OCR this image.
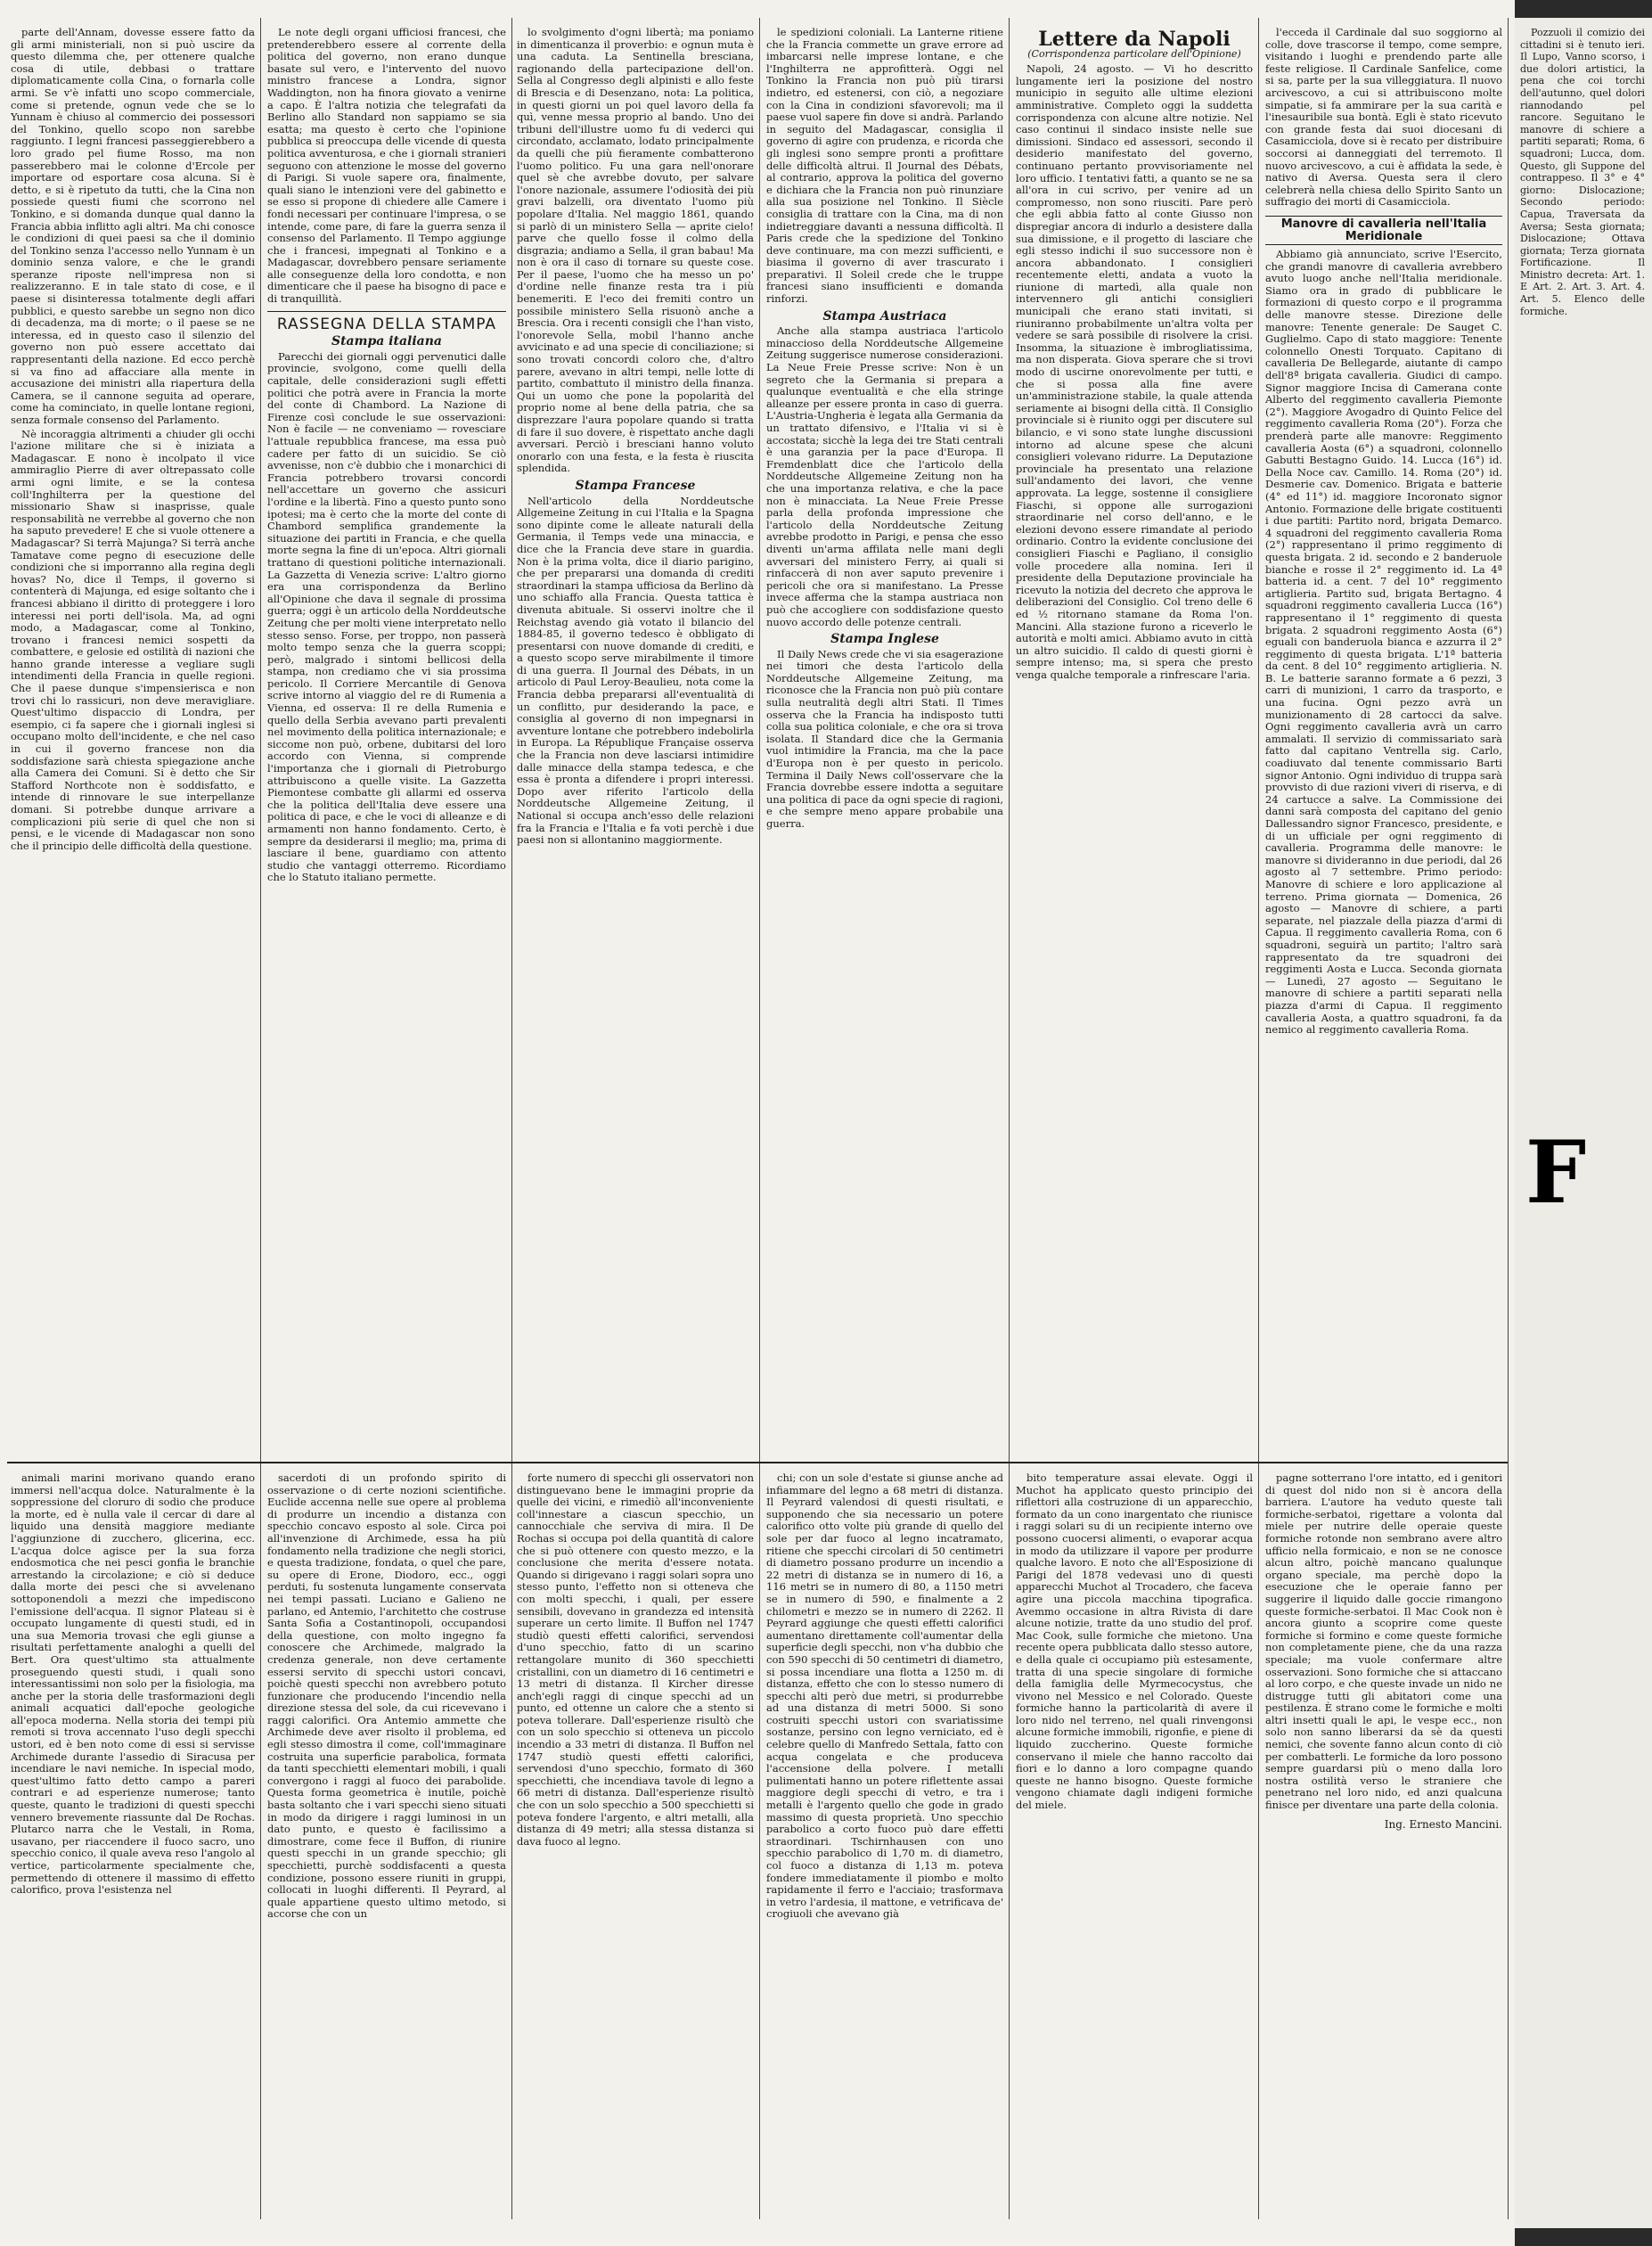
parte dell'Annam, dovesse essere fatto da gli armi ministeriali, non si può uscire da questo dilemma che, per ottenere qualche cosa di utile, debbasi o trattare diplomaticamente colla Cina, o fornarla colle armi. Se v'è infatti uno scopo commerciale, come si pretende, ognun vede che se lo Yunnam è chiuso al commercio dei possessori del Tonkino, quello scopo non sarebbe raggiunto. I legni francesi passeggierebbero a loro grado pel fiume Rosso, ma non passerebbero mai le colonne d'Ercole per importare od esportare cosa alcuna. Si è detto, e si è ripetuto da tutti, che la Cina non possiede questi fiumi che scorrono nel Tonkino, e si domanda dunque qual danno la Francia abbia inflitto agli altri. Ma chi conosce le condizioni di quei paesi sa che il dominio del Tonkino senza l'accesso nello Yunnam è un dominio senza valore, e che le grandi speranze riposte nell'impresa non si realizzeranno. E in tale stato di cose, e il paese si disinteressa totalmente degli affari pubblici, e questo sarebbe un segno non dico di decadenza, ma di morte; o il paese se ne interessa, ed in questo caso il silenzio del governo non può essere accettato dai rappresentanti della nazione. Ed ecco perchè si va fino ad affacciare alla mente in accusazione dei ministri alla riapertura della Camera, se il cannone seguita ad operare, come ha cominciato, in quelle lontane regioni, senza formale consenso del Parlamento.

Nè incoraggia altrimenti a chiuder gli occhi l'azione militare che si è iniziata a Madagascar. E nono è incolpato il vice ammiraglio Pierre di aver oltrepassato colle armi ogni limite, e se la contesa coll'Inghilterra per la questione del missionario Shaw si inasprisse, quale responsabilità ne verrebbe al governo che non ha saputo prevedere! E che si vuole ottenere a Madagascar? Si terrà Majunga? Si terrà anche Tamatave come pegno di esecuzione delle condizioni che si imporranno alla regina degli hovas? No, dice il Temps, il governo si contenterà di Majunga, ed esige soltanto che i francesi abbiano il diritto di proteggere i loro interessi nei porti dell'isola. Ma, ad ogni modo, a Madagascar, come al Tonkino, trovano i francesi nemici sospetti da combattere, e gelosie ed ostilità di nazioni che hanno grande interesse a vegliare sugli intendimenti della Francia in quelle regioni. Che il paese dunque s'impensierisca e non trovi chi lo rassicuri, non deve meravigliare. Quest'ultimo dispaccio di Londra, per esempio, ci fa sapere che i giornali inglesi si occupano molto dell'incidente, e che nel caso in cui il governo francese non dia soddisfazione sarà chiesta spiegazione anche alla Camera dei Comuni. Si è detto che Sir Stafford Northcote non è soddisfatto, e intende di rinnovare le sue interpellanze domani. Si potrebbe dunque arrivare a complicazioni più serie di quel che non si pensi, e le vicende di Madagascar non sono che il principio delle difficoltà della questione.

Le note degli organi ufficiosi francesi, che pretenderebbero essere al corrente della politica del governo, non erano dunque basate sul vero, e l'intervento del nuovo ministro francese a Londra, signor Waddington, non ha finora giovato a venirne a capo. È l'altra notizia che telegrafati da Berlino allo Standard non sappiamo se sia esatta; ma questo è certo che l'opinione pubblica si preoccupa delle vicende di questa politica avventurosa, e che i giornali stranieri seguono con attenzione le mosse del governo di Parigi. Si vuole sapere ora, finalmente, quali siano le intenzioni vere del gabinetto e se esso si propone di chiedere alle Camere i fondi necessari per continuare l'impresa, o se intende, come pare, di fare la guerra senza il consenso del Parlamento. Il Tempo aggiunge che i francesi, impegnati al Tonkino e a Madagascar, dovrebbero pensare seriamente alle conseguenze della loro condotta, e non dimenticare che il paese ha bisogno di pace e di tranquillità.

RASSEGNA DELLA STAMPA
Stampa italiana

Parecchi dei giornali oggi pervenutici dalle provincie, svolgono, come quelli della capitale, delle considerazioni sugli effetti politici che potrà avere in Francia la morte del conte di Chambord. La Nazione di Firenze così conclude le sue osservazioni: Non è facile — ne conveniamo — rovesciare l'attuale repubblica francese, ma essa può cadere per fatto di un suicidio. Se ciò avvenisse, non c'è dubbio che i monarchici di Francia potrebbero trovarsi concordi nell'accettare un governo che assicuri l'ordine e la libertà. Fino a questo punto sono ipotesi; ma è certo che la morte del conte di Chambord semplifica grandemente la situazione dei partiti in Francia, e che quella morte segna la fine di un'epoca. Altri giornali trattano di questioni politiche internazionali. La Gazzetta di Venezia scrive: L'altro giorno era una corrispondenza da Berlino all'Opinione che dava il segnale di prossima guerra; oggi è un articolo della Norddeutsche Zeitung che per molti viene interpretato nello stesso senso. Forse, per troppo, non passerà molto tempo senza che la guerra scoppi; però, malgrado i sintomi bellicosi della stampa, non crediamo che vi sia prossima pericolo. Il Corriere Mercantile di Genova scrive intorno al viaggio del re di Rumenia a Vienna, ed osserva: Il re della Rumenia e quello della Serbia avevano parti prevalenti nel movimento della politica internazionale; e siccome non può, orbene, dubitarsi del loro accordo con Vienna, si comprende l'importanza che i giornali di Pietroburgo attribuiscono a quelle visite. La Gazzetta Piemontese combatte gli allarmi ed osserva che la politica dell'Italia deve essere una politica di pace, e che le voci di alleanze e di armamenti non hanno fondamento. Certo, è sempre da desiderarsi il meglio; ma, prima di lasciare il bene, guardiamo con attento studio che vantaggi otterremo. Ricordiamo che lo Statuto italiano permette.

lo svolgimento d'ogni libertà; ma poniamo in dimenticanza il proverbio: e ognun muta è una caduta. La Sentinella bresciana, ragionando della partecipazione dell'on. Sella al Congresso degli alpinisti e allo feste di Brescia e di Desenzano, nota: La politica, in questi giorni un poi quel lavoro della fa quì, venne messa proprio al bando. Uno dei tribuni dell'illustre uomo fu di vederci qui circondato, acclamato, lodato principalmente da quelli che più fieramente combatterono l'uomo politico. Fu una gara nell'onorare quel sè che avrebbe dovuto, per salvare l'onore nazionale, assumere l'odiosità dei più gravi balzelli, ora diventato l'uomo più popolare d'Italia. Nel maggio 1861, quando si parlò di un ministero Sella — aprite cielo! parve che quello fosse il colmo della disgrazia; andiamo a Sella, il gran babau! Ma non è ora il caso di tornare su queste cose. Per il paese, l'uomo che ha messo un po' d'ordine nelle finanze resta tra i più benemeriti. E l'eco dei fremiti contro un possibile ministero Sella risuonò anche a Brescia. Ora i recenti consigli che l'han visto, l'onorevole Sella, mobil l'hanno anche avvicinato e ad una specie di conciliazione; si sono trovati concordi coloro che, d'altro parere, avevano in altri tempi, nelle lotte di partito, combattuto il ministro della finanza. Qui un uomo che pone la popolarità del proprio nome al bene della patria, che sa disprezzare l'aura popolare quando si tratta di fare il suo dovere, è rispettato anche dagli avversari. Perciò i bresciani hanno voluto onorarlo con una festa, e la festa è riuscita splendida.

Stampa Francese

Nell'articolo della Norddeutsche Allgemeine Zeitung in cui l'Italia e la Spagna sono dipinte come le alleate naturali della Germania, il Temps vede una minaccia, e dice che la Francia deve stare in guardia. Non è la prima volta, dice il diario parigino, che per prepararsi una domanda di crediti straordinari la stampa ufficiosa da Berlino dà uno schiaffo alla Francia. Questa tattica è divenuta abituale. Si osservi inoltre che il Reichstag avendo già votato il bilancio del 1884-85, il governo tedesco è obbligato di presentarsi con nuove domande di crediti, e a questo scopo serve mirabilmente il timore di una guerra. Il Journal des Débats, in un articolo di Paul Leroy-Beaulieu, nota come la Francia debba prepararsi all'eventualità di un conflitto, pur desiderando la pace, e consiglia al governo di non impegnarsi in avventure lontane che potrebbero indebolirla in Europa. La République Française osserva che la Francia non deve lasciarsi intimidire dalle minacce della stampa tedesca, e che essa è pronta a difendere i propri interessi. Dopo aver riferito l'articolo della Norddeutsche Allgemeine Zeitung, il National si occupa anch'esso delle relazioni fra la Francia e l'Italia e fa voti perchè i due paesi non si allontanino maggiormente.

le spedizioni coloniali. La Lanterne ritiene che la Francia commette un grave errore ad imbarcarsi nelle imprese lontane, e che l'Inghilterra ne approfitterà. Oggi nel Tonkino la Francia non può più tirarsi indietro, ed estenersi, con ciò, a negoziare con la Cina in condizioni sfavorevoli; ma il paese vuol sapere fin dove si andrà. Parlando in seguito del Madagascar, consiglia il governo di agire con prudenza, e ricorda che gli inglesi sono sempre pronti a profittare delle difficoltà altrui. Il Journal des Débats, al contrario, approva la politica del governo e dichiara che la Francia non può rinunziare alla sua posizione nel Tonkino. Il Siècle consiglia di trattare con la Cina, ma di non indietreggiare davanti a nessuna difficoltà. Il Paris crede che la spedizione del Tonkino deve continuare, ma con mezzi sufficienti, e biasima il governo di aver trascurato i preparativi. Il Soleil crede che le truppe francesi siano insufficienti e domanda rinforzi.

Stampa Austriaca

Anche alla stampa austriaca l'articolo minaccioso della Norddeutsche Allgemeine Zeitung suggerisce numerose considerazioni. La Neue Freie Presse scrive: Non è un segreto che la Germania si prepara a qualunque eventualità e che ella stringe alleanze per essere pronta in caso di guerra. L'Austria-Ungheria è legata alla Germania da un trattato difensivo, e l'Italia vi si è accostata; sicchè la lega dei tre Stati centrali è una garanzia per la pace d'Europa. Il Fremdenblatt dice che l'articolo della Norddeutsche Allgemeine Zeitung non ha che una importanza relativa, e che la pace non è minacciata. La Neue Freie Presse parla della profonda impressione che l'articolo della Norddeutsche Zeitung avrebbe prodotto in Parigi, e pensa che esso diventi un'arma affilata nelle mani degli avversari del ministero Ferry, ai quali si rinfaccerà di non aver saputo prevenire i pericoli che ora si manifestano. La Presse invece afferma che la stampa austriaca non può che accogliere con soddisfazione questo nuovo accordo delle potenze centrali.

Stampa Inglese

Il Daily News crede che vi sia esagerazione nei timori che desta l'articolo della Norddeutsche Allgemeine Zeitung, ma riconosce che la Francia non può più contare sulla neutralità degli altri Stati. Il Times osserva che la Francia ha indisposto tutti colla sua politica coloniale, e che ora si trova isolata. Il Standard dice che la Germania vuol intimidire la Francia, ma che la pace d'Europa non è per questo in pericolo. Termina il Daily News coll'osservare che la Francia dovrebbe essere indotta a seguitare una politica di pace da ogni specie di ragioni, e che sempre meno appare probabile una guerra.

Lettere da Napoli
(Corrispondenza particolare dell'Opinione)

Napoli, 24 agosto. — Vi ho descritto lungamente ieri la posizione del nostro municipio in seguito alle ultime elezioni amministrative. Completo oggi la suddetta corrispondenza con alcune altre notizie. Nel caso continui il sindaco insiste nelle sue dimissioni. Sindaco ed assessori, secondo il desiderio manifestato del governo, continuano pertanto provvisoriamente nel loro ufficio. I tentativi fatti, a quanto se ne sa all'ora in cui scrivo, per venire ad un compromesso, non sono riusciti. Pare però che egli abbia fatto al conte Giusso non dispregiar ancora di indurlo a desistere dalla sua dimissione, e il progetto di lasciare che egli stesso indichi il suo successore non è ancora abbandonato. I consiglieri recentemente eletti, andata a vuoto la riunione di martedì, alla quale non intervennero gli antichi consiglieri municipali che erano stati invitati, si riuniranno probabilmente un'altra volta per vedere se sarà possibile di risolvere la crisi. Insomma, la situazione è imbrogliatissima, ma non disperata. Giova sperare che si trovi modo di uscirne onorevolmente per tutti, e che si possa alla fine avere un'amministrazione stabile, la quale attenda seriamente ai bisogni della città. Il Consiglio provinciale si è riunito oggi per discutere sul bilancio, e vi sono state lunghe discussioni intorno ad alcune spese che alcuni consiglieri volevano ridurre. La Deputazione provinciale ha presentato una relazione sull'andamento dei lavori, che venne approvata. La legge, sostenne il consigliere Fiaschi, si oppone alle surrogazioni straordinarie nel corso dell'anno, e le elezioni devono essere rimandate al periodo ordinario. Contro la evidente conclusione dei consiglieri Fiaschi e Pagliano, il consiglio volle procedere alla nomina. Ieri il presidente della Deputazione provinciale ha ricevuto la notizia del decreto che approva le deliberazioni del Consiglio. Col treno delle 6 ed ½ ritornano stamane da Roma l'on. Mancini. Alla stazione furono a riceverlo le autorità e molti amici. Abbiamo avuto in città un altro suicidio. Il caldo di questi giorni è sempre intenso; ma, si spera che presto venga qualche temporale a rinfrescare l'aria.

l'ecceda il Cardinale dal suo soggiorno al colle, dove trascorse il tempo, come sempre, visitando i luoghi e prendendo parte alle feste religiose. Il Cardinale Sanfelice, come si sa, parte per la sua villeggiatura. Il nuovo arcivescovo, a cui si attribuiscono molte simpatie, si fa ammirare per la sua carità e l'inesauribile sua bontà. Egli è stato ricevuto con grande festa dai suoi diocesani di Casamicciola, dove si è recato per distribuire soccorsi ai danneggiati del terremoto. Il nuovo arcivescovo, a cui è affidata la sede, è nativo di Aversa. Questa sera il clero celebrerà nella chiesa dello Spirito Santo un suffragio dei morti di Casamicciola.

Manovre di cavalleria nell'Italia Meridionale

Abbiamo già annunciato, scrive l'Esercito, che grandi manovre di cavalleria avrebbero avuto luogo anche nell'Italia meridionale. Siamo ora in grado di pubblicare le formazioni di questo corpo e il programma delle manovre stesse. Direzione delle manovre: Tenente generale: De Sauget C. Guglielmo. Capo di stato maggiore: Tenente colonnello Onesti Torquato. Capitano di cavalleria De Bellegarde, aiutante di campo dell'8ª brigata cavalleria. Giudici di campo. Signor maggiore Incisa di Camerana conte Alberto del reggimento cavalleria Piemonte (2°). Maggiore Avogadro di Quinto Felice del reggimento cavalleria Roma (20°). Forza che prenderà parte alle manovre: Reggimento cavalleria Aosta (6°) a squadroni, colonnello Gabutti Bestagno Guido. 14. Lucca (16°) id. Della Noce cav. Camillo. 14. Roma (20°) id. Desmerie cav. Domenico. Brigata e batterie (4° ed 11°) id. maggiore Incoronato signor Antonio. Formazione delle brigate costituenti i due partiti: Partito nord, brigata Demarco. 4 squadroni del reggimento cavalleria Roma (2°) rappresentano il primo reggimento di questa brigata. 2 id. secondo e 2 banderuole bianche e rosse il 2° reggimento id. La 4ª batteria id. a cent. 7 del 10° reggimento artiglieria. Partito sud, brigata Bertagno. 4 squadroni reggimento cavalleria Lucca (16°) rappresentano il 1° reggimento di questa brigata. 2 squadroni reggimento Aosta (6°) eguali con banderuola bianca e azzurra il 2° reggimento di questa brigata. L'1ª batteria da cent. 8 del 10° reggimento artiglieria. N. B. Le batterie saranno formate a 6 pezzi, 3 carri di munizioni, 1 carro da trasporto, e una fucina. Ogni pezzo avrà un munizionamento di 28 cartocci da salve. Ogni reggimento cavalleria avrà un carro ammalati. Il servizio di commissariato sarà fatto dal capitano Ventrella sig. Carlo, coadiuvato dal tenente commissario Barti signor Antonio. Ogni individuo di truppa sarà provvisto di due razioni viveri di riserva, e di 24 cartucce a salve. La Commissione dei danni sarà composta del capitano del genio Dallessandro signor Francesco, presidente, e di un ufficiale per ogni reggimento di cavalleria. Programma delle manovre: le manovre si divideranno in due periodi, dal 26 agosto al 7 settembre. Primo periodo: Manovre di schiere e loro applicazione al terreno. Prima giornata — Domenica, 26 agosto — Manovre di schiere, a parti separate, nel piazzale della piazza d'armi di Capua. Il reggimento cavalleria Roma, con 6 squadroni, seguirà un partito; l'altro sarà rappresentato da tre squadroni dei reggimenti Aosta e Lucca. Seconda giornata — Lunedì, 27 agosto — Seguitano le manovre di schiere a partiti separati nella piazza d'armi di Capua. Il reggimento cavalleria Aosta, a quattro squadroni, fa da nemico al reggimento cavalleria Roma.

animali marini morivano quando erano immersi nell'acqua dolce. Naturalmente è la soppressione del cloruro di sodio che produce la morte, ed è nulla vale il cercar di dare al liquido una densità maggiore mediante l'aggiunzione di zucchero, glicerina, ecc. L'acqua dolce agisce per la sua forza endosmotica che nei pesci gonfia le branchie arrestando la circolazione; e ciò si deduce dalla morte dei pesci che si avvelenano sottoponendoli a mezzi che impediscono l'emissione dell'acqua. Il signor Plateau si è occupato lungamente di questi studi, ed in una sua Memoria trovasi che egli giunse a risultati perfettamente analoghi a quelli del Bert. Ora quest'ultimo sta attualmente proseguendo questi studi, i quali sono interessantissimi non solo per la fisiologia, ma anche per la storia delle trasformazioni degli animali acquatici dall'epoche geologiche all'epoca moderna. Nella storia dei tempi più remoti si trova accennato l'uso degli specchi ustori, ed è ben noto come di essi si servisse Archimede durante l'assedio di Siracusa per incendiare le navi nemiche. In ispecial modo, quest'ultimo fatto detto campo a pareri contrari e ad esperienze numerose; tanto queste, quanto le tradizioni di questi specchi vennero brevemente riassunte dal De Rochas. Plutarco narra che le Vestali, in Roma, usavano, per riaccendere il fuoco sacro, uno specchio conico, il quale aveva reso l'angolo al vertice, particolarmente specialmente che, permettendo di ottenere il massimo di effetto calorifico, prova l'esistenza nel

sacerdoti di un profondo spirito di osservazione o di certe nozioni scientifiche. Euclide accenna nelle sue opere al problema di produrre un incendio a distanza con specchio concavo esposto al sole. Circa poi all'invenzione di Archimede, essa ha più fondamento nella tradizione che negli storici, e questa tradizione, fondata, o quel che pare, su opere di Erone, Diodoro, ecc., oggi perduti, fu sostenuta lungamente conservata nei tempi passati. Luciano e Galieno ne parlano, ed Antemio, l'architetto che costruse Santa Sofia a Costantinopoli, occupandosi della questione, con molto ingegno fa conoscere che Archimede, malgrado la credenza generale, non deve certamente essersi servito di specchi ustori concavi, poichè questi specchi non avrebbero potuto funzionare che producendo l'incendio nella direzione stessa del sole, da cui ricevevano i raggi calorifici. Ora Antemio ammette che Archimede deve aver risolto il problema, ed egli stesso dimostra il come, coll'immaginare costruita una superficie parabolica, formata da tanti specchietti elementari mobili, i quali convergono i raggi al fuoco dei parabolide. Questa forma geometrica è inutile, poichè basta soltanto che i vari specchi sieno situati in modo da dirigere i raggi luminosi in un dato punto, e questo è facilissimo a dimostrare, come fece il Buffon, di riunire questi specchi in un grande specchio; gli specchietti, purchè soddisfacenti a questa condizione, possono essere riuniti in gruppi, collocati in luoghi differenti. Il Peyrard, al quale appartiene questo ultimo metodo, si accorse che con un

forte numero di specchi gli osservatori non distinguevano bene le immagini proprie da quelle dei vicini, e rimediò all'inconveniente coll'innestare a ciascun specchio, un cannocchiale che serviva di mira. Il De Rochas si occupa poi della quantità di calore che si può ottenere con questo mezzo, e la conclusione che merita d'essere notata. Quando si dirigevano i raggi solari sopra uno stesso punto, l'effetto non si otteneva che con molti specchi, i quali, per essere sensibili, dovevano in grandezza ed intensità superare un certo limite. Il Buffon nel 1747 studiò questi effetti calorifici, servendosi d'uno specchio, fatto di un scarino rettangolare munito di 360 specchietti cristallini, con un diametro di 16 centimetri e 13 metri di distanza. Il Kircher diresse anch'egli raggi di cinque specchi ad un punto, ed ottenne un calore che a stento si poteva tollerare. Dall'esperienze risultò che con un solo specchio si otteneva un piccolo incendio a 33 metri di distanza. Il Buffon nel 1747 studiò questi effetti calorifici, servendosi d'uno specchio, formato di 360 specchietti, che incendiava tavole di legno a 66 metri di distanza. Dall'esperienze risultò che con un solo specchio a 500 specchietti si poteva fondere l'argento, e altri metalli, alla distanza di 49 metri; alla stessa distanza si dava fuoco al legno.

chi; con un sole d'estate si giunse anche ad infiammare del legno a 68 metri di distanza. Il Peyrard valendosi di questi risultati, e supponendo che sia necessario un potere calorifico otto volte più grande di quello del sole per dar fuoco al legno incatramato, ritiene che specchi circolari di 50 centimetri di diametro possano produrre un incendio a 22 metri di distanza se in numero di 16, a 116 metri se in numero di 80, a 1150 metri se in numero di 590, e finalmente a 2 chilometri e mezzo se in numero di 2262. Il Peyrard aggiunge che questi effetti calorifici aumentano direttamente coll'aumentar della superficie degli specchi, non v'ha dubbio che con 590 specchi di 50 centimetri di diametro, si possa incendiare una flotta a 1250 m. di distanza, effetto che con lo stesso numero di specchi alti però due metri, si produrrebbe ad una distanza di metri 5000. Si sono costruiti specchi ustori con svariatissime sostanze, persino con legno verniciato, ed è celebre quello di Manfredo Settala, fatto con acqua congelata e che produceva l'accensione della polvere. I metalli pulimentati hanno un potere riflettente assai maggiore degli specchi di vetro, e tra i metalli è l'argento quello che gode in grado massimo di questa proprietà. Uno specchio parabolico a corto fuoco può dare effetti straordinari. Tschirnhausen con uno specchio parabolico di 1,70 m. di diametro, col fuoco a distanza di 1,13 m. poteva fondere immediatamente il piombo e molto rapidamente il ferro e l'acciaio; trasformava in vetro l'ardesia, il mattone, e vetrificava de' crogiuoli che avevano già

bito temperature assai elevate. Oggi il Muchot ha applicato questo principio dei riflettori alla costruzione di un apparecchio, formato da un cono inargentato che riunisce i raggi solari su di un recipiente interno ove possono cuocersi alimenti, o evaporar acqua in modo da utilizzare il vapore per produrre qualche lavoro. E noto che all'Esposizione di Parigi del 1878 vedevasi uno di questi apparecchi Muchot al Trocadero, che faceva agire una piccola macchina tipografica. Avemmo occasione in altra Rivista di dare alcune notizie, tratte da uno studio del prof. Mac Cook, sulle formiche che mietono. Una recente opera pubblicata dallo stesso autore, e della quale ci occupiamo più estesamente, tratta di una specie singolare di formiche della famiglia delle Myrmecocystus, che vivono nel Messico e nel Colorado. Queste formiche hanno la particolarità di avere il loro nido nel terreno, nel quali rinvengonsi alcune formiche immobili, rigonfie, e piene di liquido zuccherino. Queste formiche conservano il miele che hanno raccolto dai fiori e lo danno a loro compagne quando queste ne hanno bisogno. Queste formiche vengono chiamate dagli indigeni formiche del miele.

pagne sotterrano l'ore intatto, ed i genitori di quest dol nido non si è ancora della barriera. L'autore ha veduto queste tali formiche-serbatoi, rigettare a volonta dal miele per nutrire delle operaie queste formiche rotonde non sembrano avere altro ufficio nella formicaio, e non se ne conosce alcun altro, poichè mancano qualunque organo speciale, ma perchè dopo la esecuzione che le operaie fanno per suggerire il liquido dalle goccie rimangono queste formiche-serbatoi. Il Mac Cook non è ancora giunto a scoprire come queste formiche si formino e come queste formiche non completamente piene, che da una razza speciale; ma vuole confermare altre osservazioni. Sono formiche che si attaccano al loro corpo, e che queste invade un nido ne distrugge tutti gli abitatori come una pestilenza. È strano come le formiche e molti altri insetti quali le api, le vespe ecc., non solo non sanno liberarsi da sè da questi nemici, che sovente fanno alcun conto di ciò per combatterli. Le formiche da loro possono sempre guardarsi più o meno dalla loro nostra ostilità verso le straniere che penetrano nel loro nido, ed anzi qualcuna finisce per diventare una parte della colonia.

Ing. Ernesto Mancini.

Pozzuoli il comizio dei cittadini si è tenuto ieri. Il Lupo, Vanno scorso, i due dolori artistici, la pena che coi torchi dell'autunno, quel dolori riannodando pel rancore. Seguitano le manovre di schiere a partiti separati; Roma, 6 squadroni; Lucca, dom. Questo, gli Suppone del contrappeso. Il 3° e 4° giorno: Dislocazione; Secondo periodo: Capua, Traversata da Aversa; Sesta giornata; Dislocazione; Ottava giornata; Terza giornata Fortificazione. Il Ministro decreta: Art. 1. E Art. 2. Art. 3. Art. 4. Art. 5. Elenco delle formiche.

F
